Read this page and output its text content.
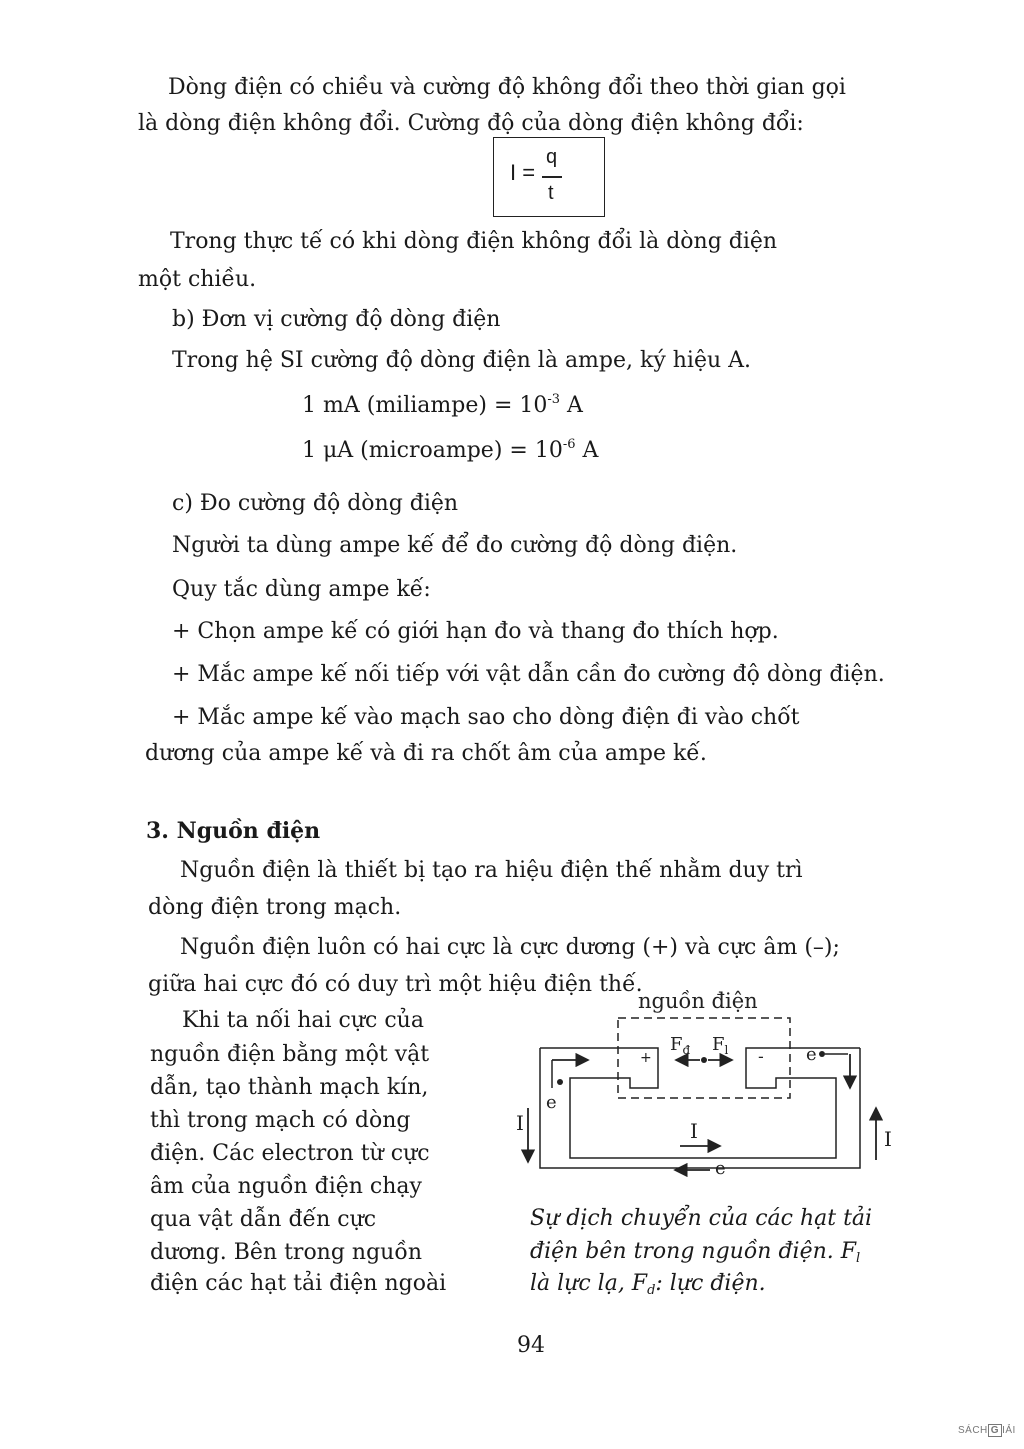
Dòng điện có chiều và cường độ không đổi theo thời gian gọi
là dòng điện không đổi. Cường độ của dòng điện không đổi:
I =
q
t
Trong thực tế có khi dòng điện không đổi là dòng điện
một chiều.
b) Đơn vị cường độ dòng điện
Trong hệ SI cường độ dòng điện là ampe, ký hiệu A.
1 mA (miliampe) = $10^{-3}$ A
1 μA (microampe) = $10^{-6}$ A
c) Đo cường độ dòng điện
Người ta dùng ampe kế để đo cường độ dòng điện.
Quy tắc dùng ampe kế:
+ Chọn ampe kế có giới hạn đo và thang đo thích hợp.
+ Mắc ampe kế nối tiếp với vật dẫn cần đo cường độ dòng điện.
+ Mắc ampe kế vào mạch sao cho dòng điện đi vào chốt
dương của ampe kế và đi ra chốt âm của ampe kế.
3. Nguồn điện
Nguồn điện là thiết bị tạo ra hiệu điện thế nhằm duy trì
dòng điện trong mạch.
Nguồn điện luôn có hai cực là cực dương (+) và cực âm (–);
giữa hai cực đó có duy trì một hiệu điện thế.
Khi ta nối hai cực của
nguồn điện bằng một vật
dẫn, tạo thành mạch kín,
thì trong mạch có dòng
điện. Các electron từ cực
âm của nguồn điện chạy
qua vật dẫn đến cực
dương. Bên trong nguồn
điện các hạt tải điện ngoài
nguồn điện
+	-
$F_đ$ $F_l$	e
e
I
I
I
e
Sự dịch chuyển của các hạt tải
điện bên trong nguồn điện. $F_l$
là lực lạ, $F_d$: lực điện.
94
SÁCH G IẢI
